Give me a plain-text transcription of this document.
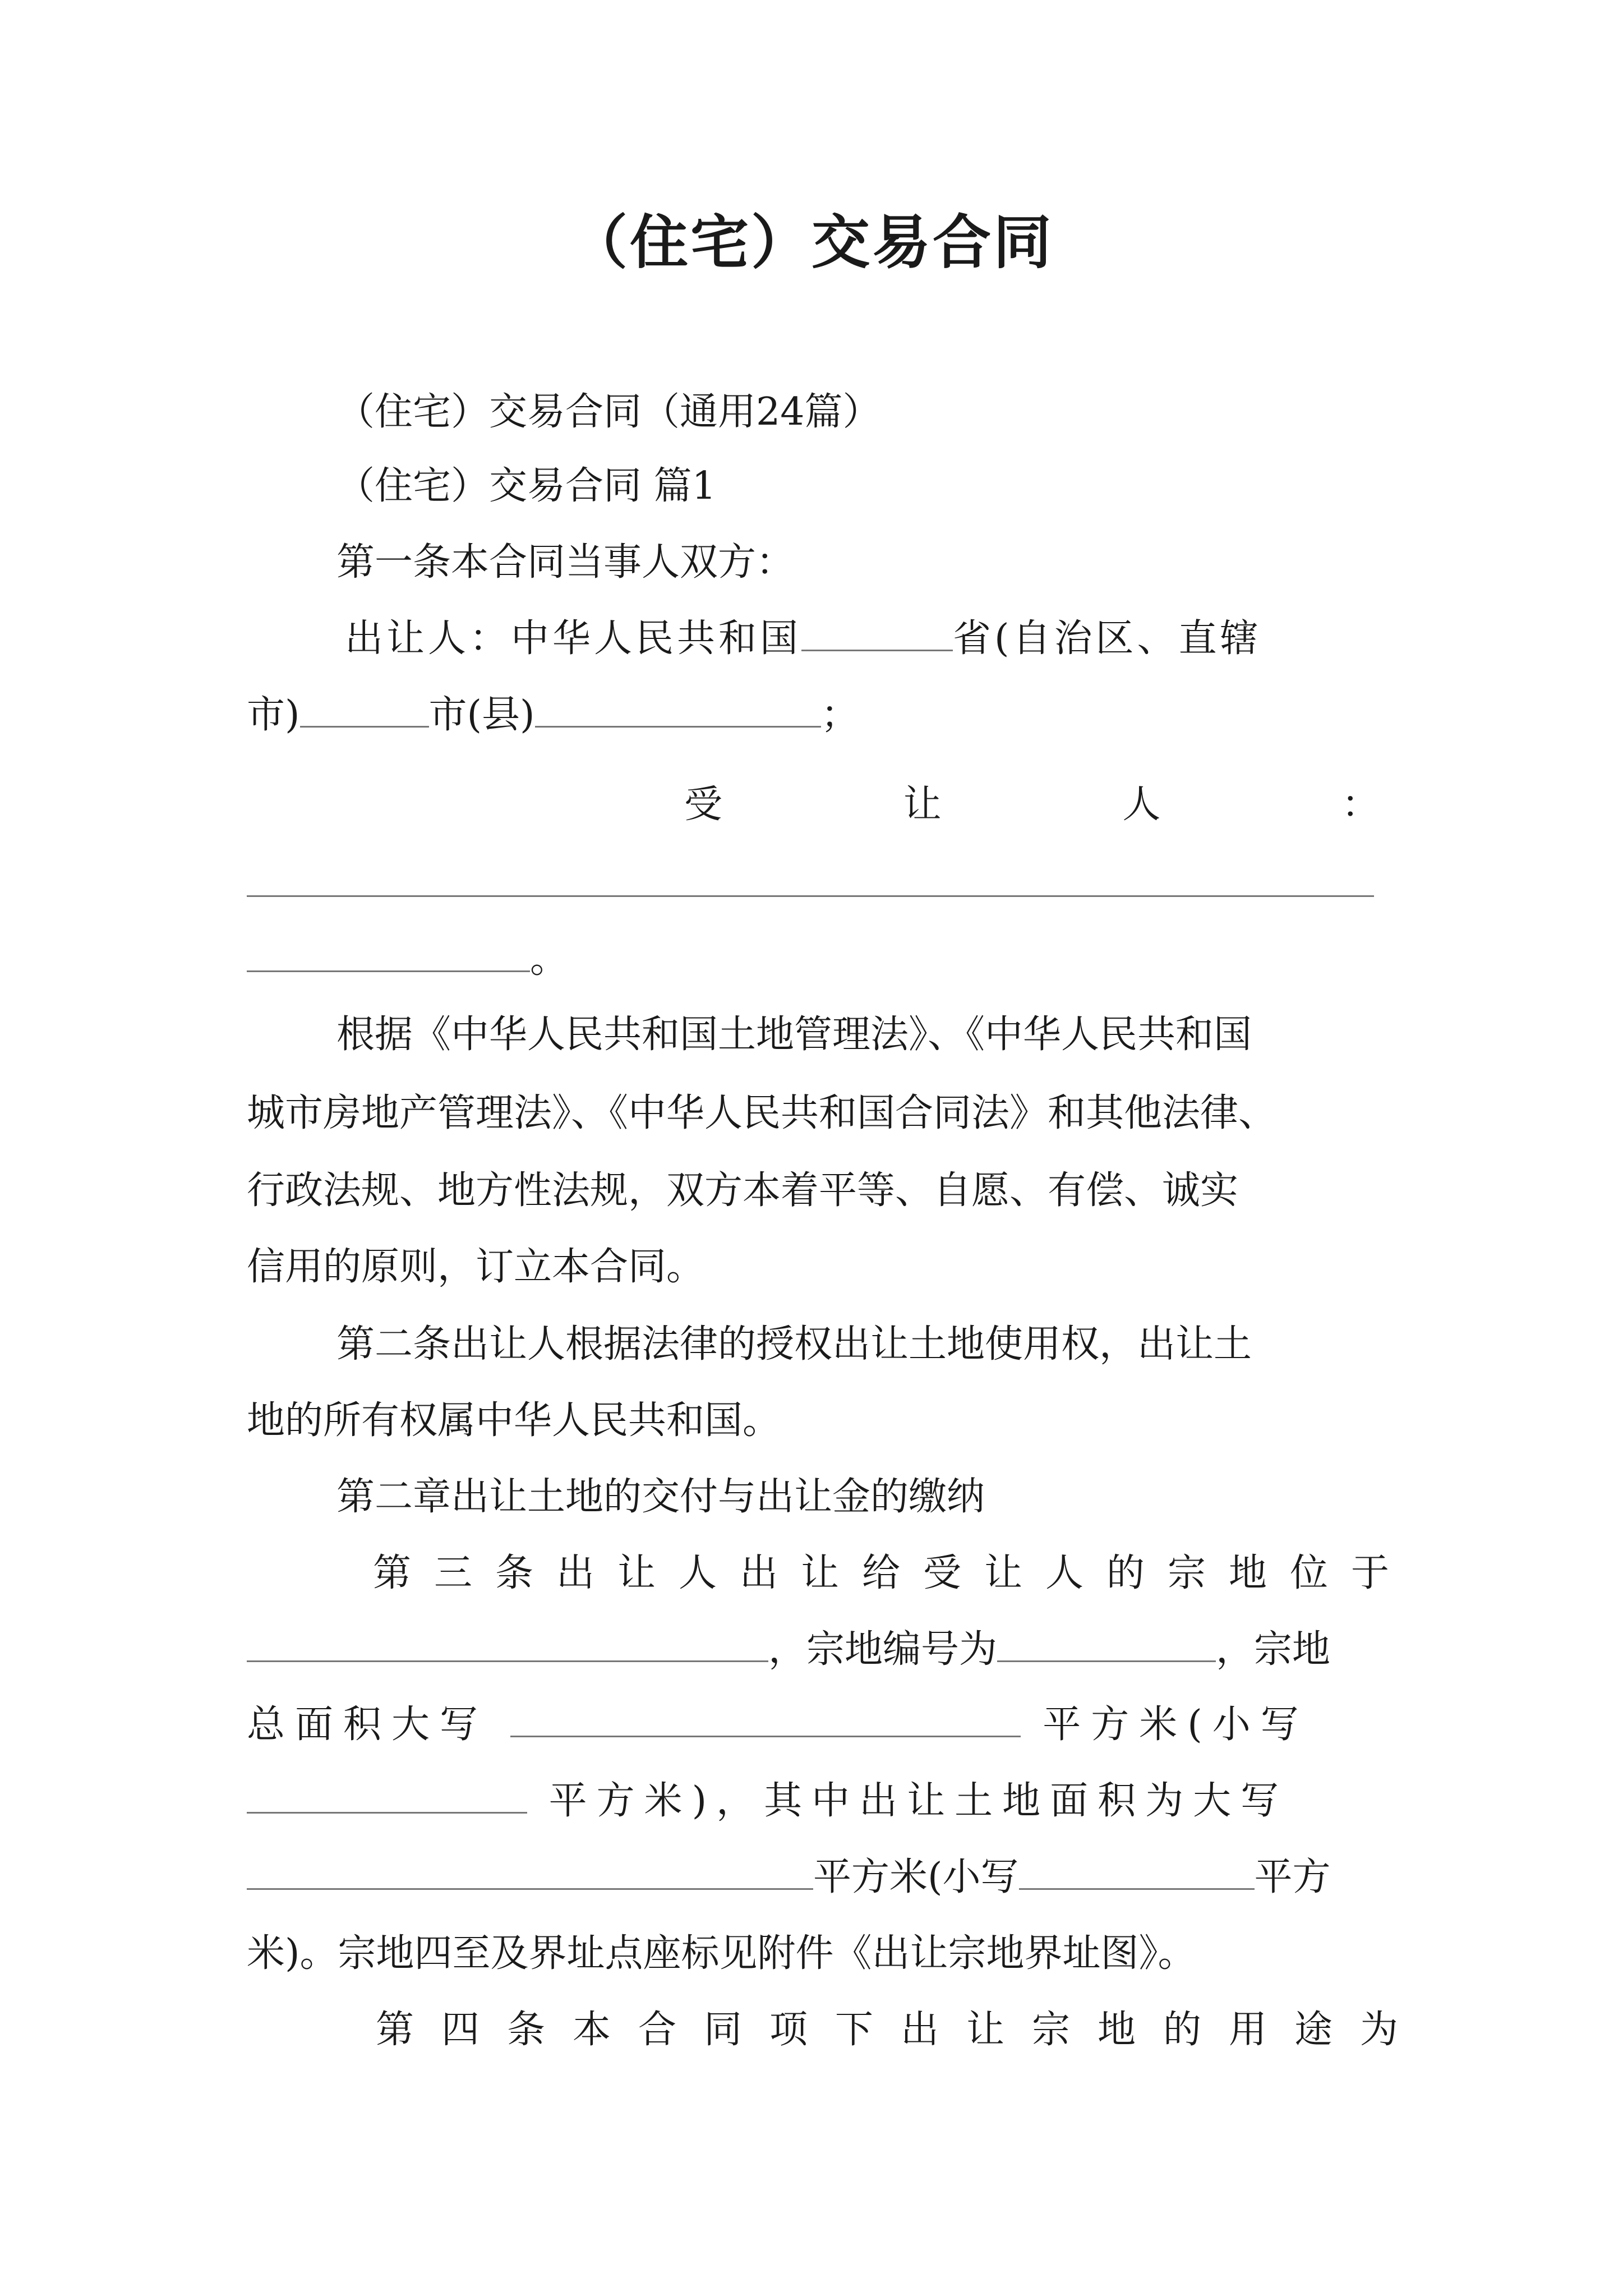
（住宅）交易合同
（住宅）交易合同（通用24篇）
（住宅）交易合同 篇1
第一条本合同当事人双方：
出让人：中华人民共和国	省(自治区、直辖
市)	市(县)	；
受	让	人	：
。
根据《中华人民共和国土地管理法》、《中华人民共和国
城市房地产管理法》、《中华人民共和国合同法》和其他法律、
行政法规、地方性法规，双方本着平等、自愿、有偿、诚实
信用的原则，订立本合同。
第二条出让人根据法律的授权出让土地使用权，出让土
地的所有权属中华人民共和国。
第二章出让土地的交付与出让金的缴纳
第三条出让人出让给受让人的宗地位于
，宗地编号为	，宗地
总面积大写	平方米(小写
平方米)，其中出让土地面积为大写
平方米(小写	平方
米)。宗地四至及界址点座标见附件《出让宗地界址图》。
第四条本合同项下出让宗地的用途为
